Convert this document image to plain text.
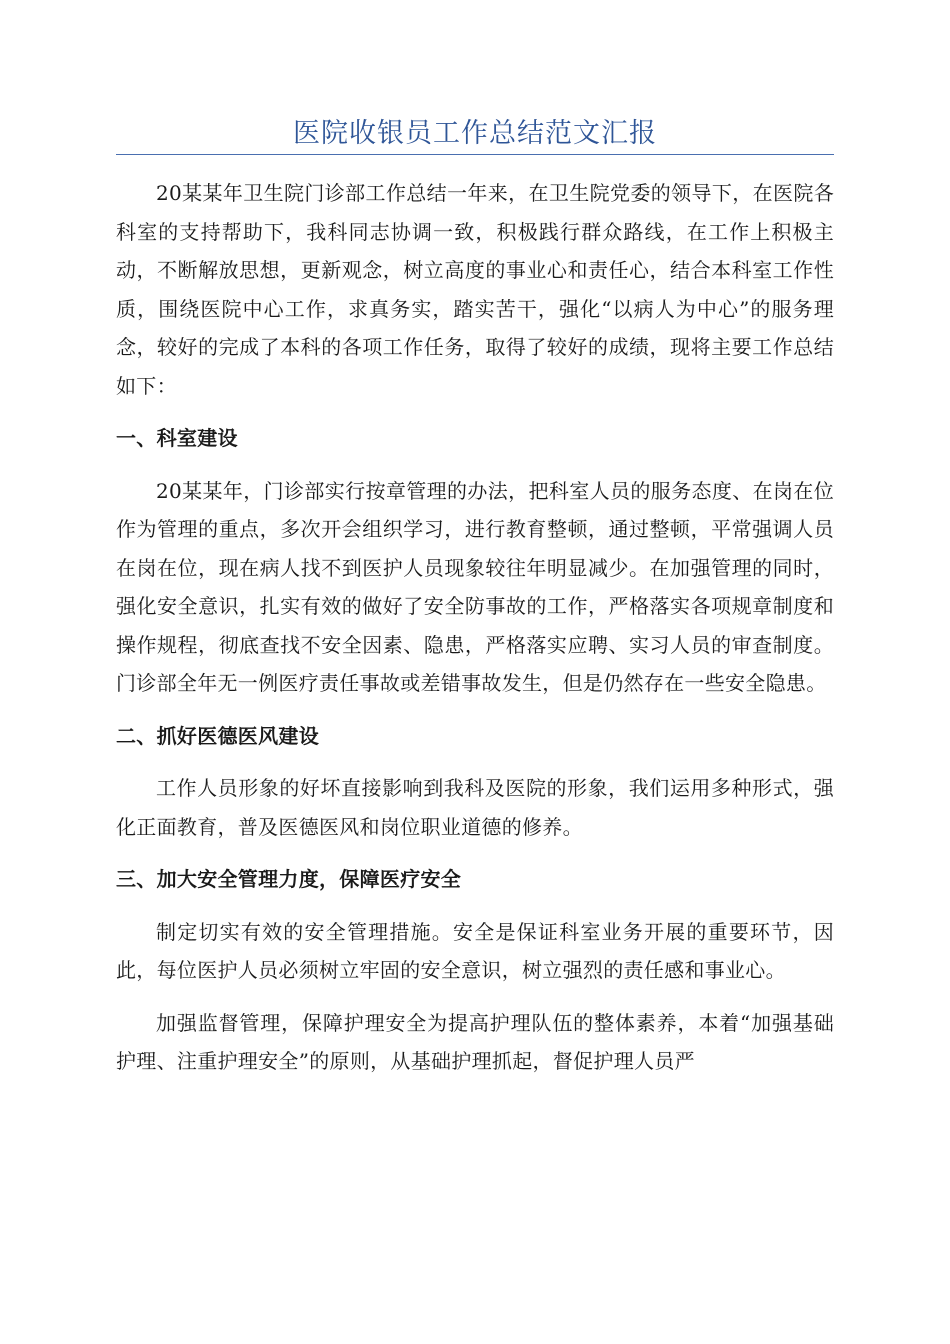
医院收银员工作总结范文汇报

20某某年卫生院门诊部工作总结一年来，在卫生院党委的领导下，在医院各科室的支持帮助下，我科同志协调一致，积极践行群众路线，在工作上积极主动，不断解放思想，更新观念，树立高度的事业心和责任心，结合本科室工作性质，围绕医院中心工作，求真务实，踏实苦干，强化“以病人为中心”的服务理念，较好的完成了本科的各项工作任务，取得了较好的成绩，现将主要工作总结如下：

一、科室建设

20某某年，门诊部实行按章管理的办法，把科室人员的服务态度、在岗在位作为管理的重点，多次开会组织学习，进行教育整顿，通过整顿，平常强调人员在岗在位，现在病人找不到医护人员现象较往年明显减少。在加强管理的同时，强化安全意识，扎实有效的做好了安全防事故的工作，严格落实各项规章制度和操作规程，彻底查找不安全因素、隐患，严格落实应聘、实习人员的审查制度。门诊部全年无一例医疗责任事故或差错事故发生，但是仍然存在一些安全隐患。

二、抓好医德医风建设

工作人员形象的好坏直接影响到我科及医院的形象，我们运用多种形式，强化正面教育，普及医德医风和岗位职业道德的修养。

三、加大安全管理力度，保障医疗安全

制定切实有效的安全管理措施。安全是保证科室业务开展的重要环节，因此，每位医护人员必须树立牢固的安全意识，树立强烈的责任感和事业心。

加强监督管理，保障护理安全为提高护理队伍的整体素养，本着“加强基础护理、注重护理安全”的原则，从基础护理抓起，督促护理人员严
